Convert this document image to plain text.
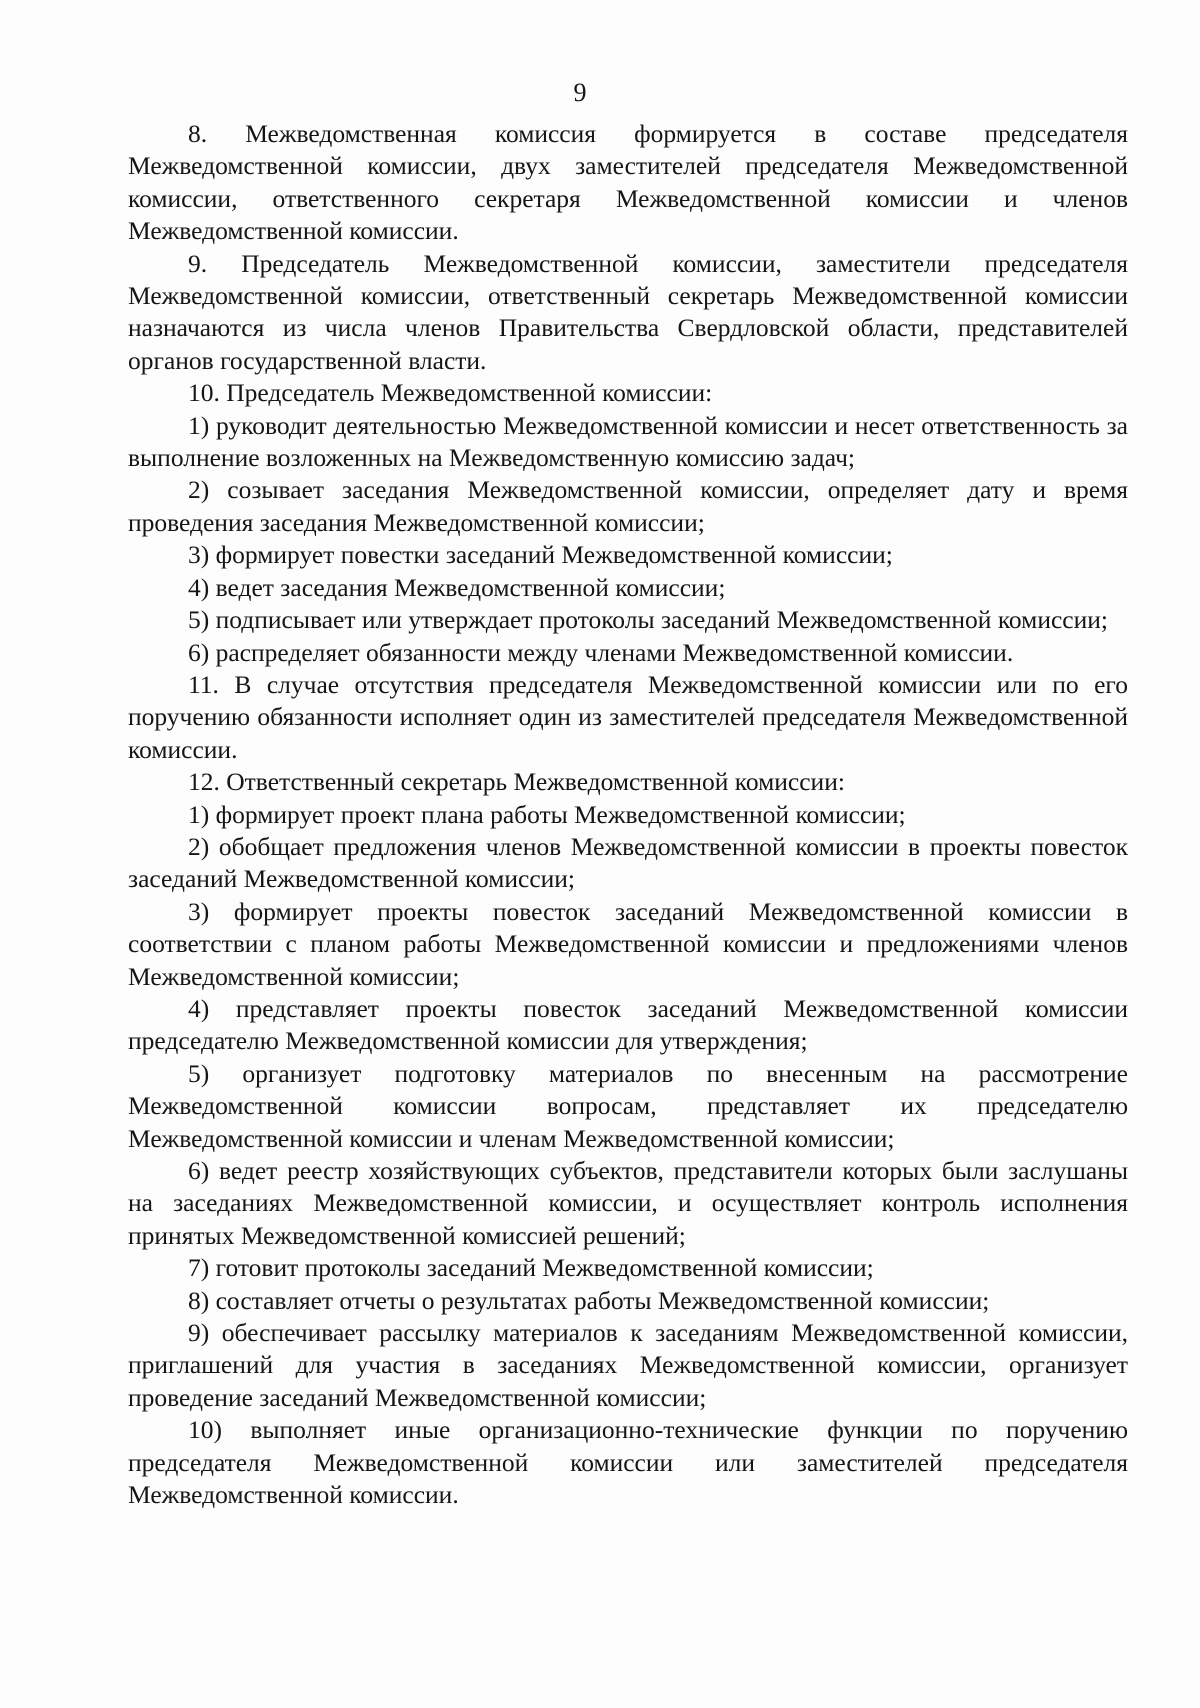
9

8. Межведомственная комиссия формируется в составе председателя Межведомственной комиссии, двух заместителей председателя Межведомственной комиссии, ответственного секретаря Межведомственной комиссии и членов Межведомственной комиссии.

9. Председатель Межведомственной комиссии, заместители председателя Межведомственной комиссии, ответственный секретарь Межведомственной комиссии назначаются из числа членов Правительства Свердловской области, представителей органов государственной власти.

10. Председатель Межведомственной комиссии:

1) руководит деятельностью Межведомственной комиссии и несет ответственность за выполнение возложенных на Межведомственную комиссию задач;

2) созывает заседания Межведомственной комиссии, определяет дату и время проведения заседания Межведомственной комиссии;

3) формирует повестки заседаний Межведомственной комиссии;

4) ведет заседания Межведомственной комиссии;

5) подписывает или утверждает протоколы заседаний Межведомственной комиссии;

6) распределяет обязанности между членами Межведомственной комиссии.

11. В случае отсутствия председателя Межведомственной комиссии или по его поручению обязанности исполняет один из заместителей председателя Межведомственной комиссии.

12. Ответственный секретарь Межведомственной комиссии:

1) формирует проект плана работы Межведомственной комиссии;

2) обобщает предложения членов Межведомственной комиссии в проекты повесток заседаний Межведомственной комиссии;

3) формирует проекты повесток заседаний Межведомственной комиссии в соответствии с планом работы Межведомственной комиссии и предложениями членов Межведомственной комиссии;

4) представляет проекты повесток заседаний Межведомственной комиссии председателю Межведомственной комиссии для утверждения;

5) организует подготовку материалов по внесенным на рассмотрение Межведомственной комиссии вопросам, представляет их председателю Межведомственной комиссии и членам Межведомственной комиссии;

6) ведет реестр хозяйствующих субъектов, представители которых были заслушаны на заседаниях Межведомственной комиссии, и осуществляет контроль исполнения принятых Межведомственной комиссией решений;

7) готовит протоколы заседаний Межведомственной комиссии;

8) составляет отчеты о результатах работы Межведомственной комиссии;

9) обеспечивает рассылку материалов к заседаниям Межведомственной комиссии, приглашений для участия в заседаниях Межведомственной комиссии, организует проведение заседаний Межведомственной комиссии;

10) выполняет иные организационно-технические функции по поручению председателя Межведомственной комиссии или заместителей председателя Межведомственной комиссии.
